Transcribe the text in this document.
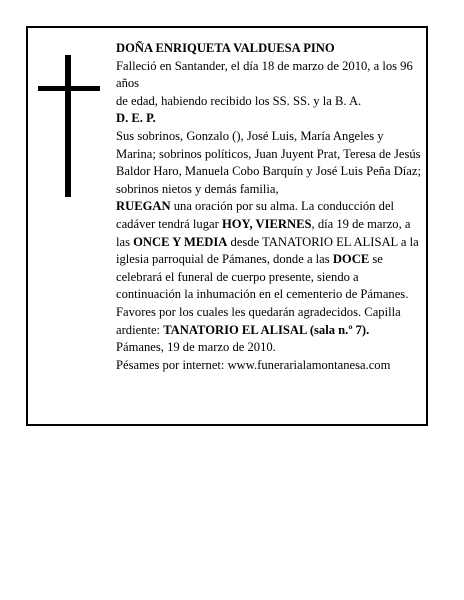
DOÑA ENRIQUETA VALDUESA PINO

Falleció en Santander, el día 18 de marzo de 2010, a los 96 años

de edad, habiendo recibido los SS. SS. y la B. A.

D. E. P.

Sus sobrinos, Gonzalo (), José Luis, María Angeles y Marina; sobrinos políticos, Juan Juyent Prat, Teresa de Jesús Baldor Haro, Manuela Cobo Barquín y José Luis Peña Díaz; sobrinos nietos y demás familia,

RUEGAN una oración por su alma. La conducción del cadáver tendrá lugar HOY, VIERNES, día 19 de marzo, a las ONCE Y MEDIA desde TANATORIO EL ALISAL a la iglesia parroquial de Pámanes, donde a las DOCE se celebrará el funeral de cuerpo presente, siendo a continuación la inhumación en el cementerio de Pámanes. Favores por los cuales les quedarán agradecidos. Capilla ardiente: TANATORIO EL ALISAL (sala n.º 7).

Pámanes, 19 de marzo de 2010.

Pésames por internet: www.funerarialamontanesa.com
